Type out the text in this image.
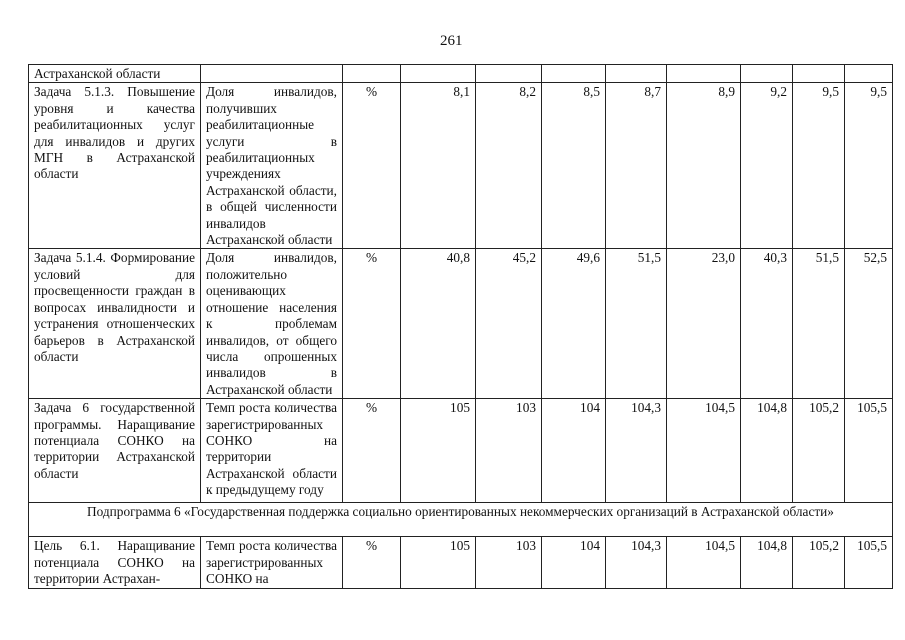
261
Астраханской области										
Задача 5.1.3. Повышение уровня и качества реабилитационных услуг для инвалидов и других МГН в Астраханской области	Доля инвалидов, получивших реабилитационные услуги в реабилитационных учреждениях Астраханской области, в общей численности инвалидов Астраханской области	%	8,1	8,2	8,5	8,7	8,9	9,2	9,5	9,5
Задача 5.1.4. Формирование условий для просвещенности граждан в вопросах инвалидности и устранения отношенческих барьеров в Астраханской области	Доля инвалидов, положительно оценивающих отношение населения к проблемам инвалидов, от общего числа опрошенных инвалидов в Астраханской области	%	40,8	45,2	49,6	51,5	23,0	40,3	51,5	52,5
Задача 6 государственной программы. Наращивание потенциала СОНКО на территории Астраханской области	Темп роста количества зарегистрированных СОНКО на территории Астраханской области к предыдущему году	%	105	103	104	104,3	104,5	104,8	105,2	105,5
Подпрограмма 6 «Государственная поддержка социально ориентированных некоммерческих организаций в Астраханской области»										
Цель 6.1. Наращивание потенциала СОНКО на территории Астрахан-	Темп роста количества зарегистрированных СОНКО на	%	105	103	104	104,3	104,5	104,8	105,2	105,5
